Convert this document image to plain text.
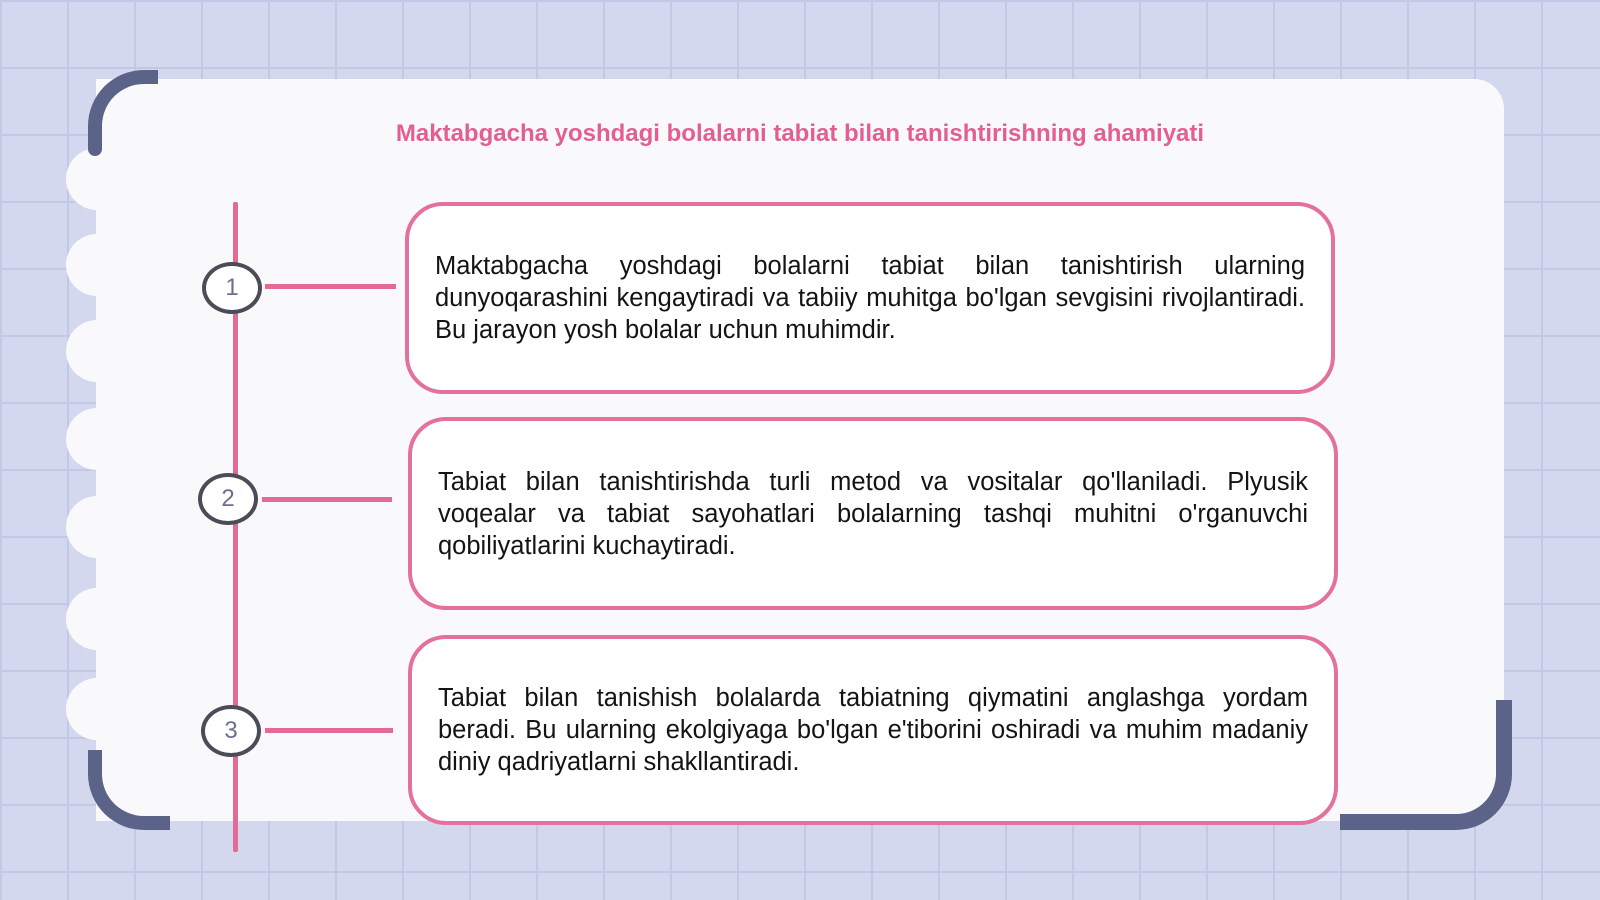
Maktabgacha yoshdagi bolalarni tabiat bilan tanishtirishning ahamiyati
1

Maktabgacha yoshdagi bolalarni tabiat bilan tanishtirish ularning dunyoqarashini kengaytiradi va tabiiy muhitga bo'lgan sevgisini rivojlantiradi. Bu jarayon yosh bolalar uchun muhimdir.

2

Tabiat bilan tanishtirishda turli metod va vositalar qo'llaniladi. Plyusik voqealar va tabiat sayohatlari bolalarning tashqi muhitni o'rganuvchi qobiliyatlarini kuchaytiradi.

3

Tabiat bilan tanishish bolalarda tabiatning qiymatini anglashga yordam beradi. Bu ularning ekolgiyaga bo'lgan e'tiborini oshiradi va muhim madaniy diniy qadriyatlarni shakllantiradi.
